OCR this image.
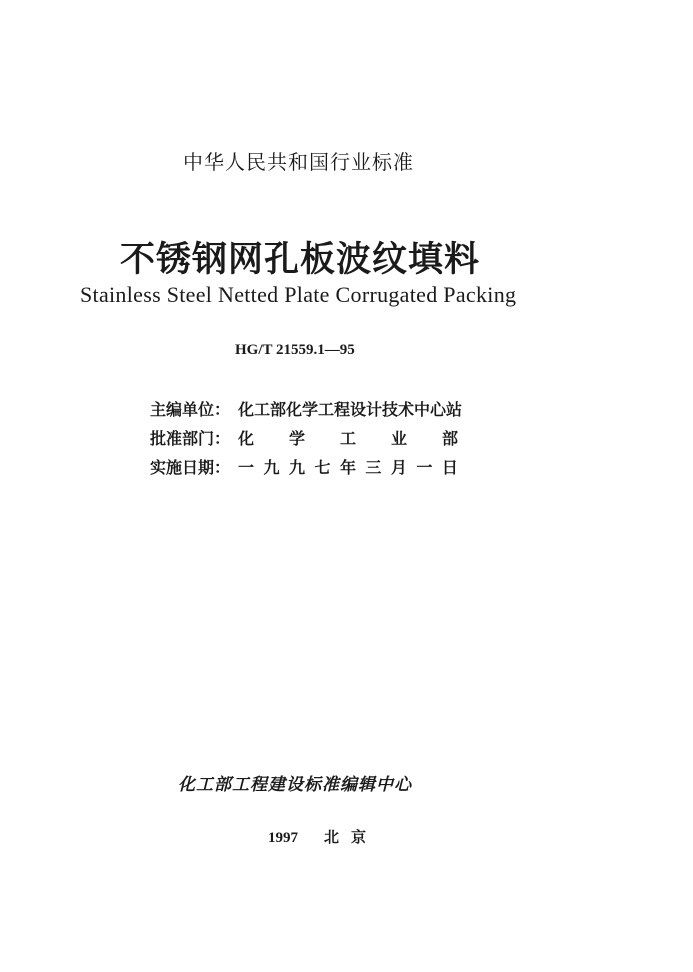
中华人民共和国行业标准
不锈钢网孔板波纹填料
Stainless Steel Netted Plate Corrugated Packing
HG/T 21559.1—95
主编单位： 化工部化学工程设计技术中心站
批准部门： 化 学 工 业 部
实施日期： 一 九 九 七 年 三 月 一 日
化工部工程建设标准编辑中心
1997 北京
